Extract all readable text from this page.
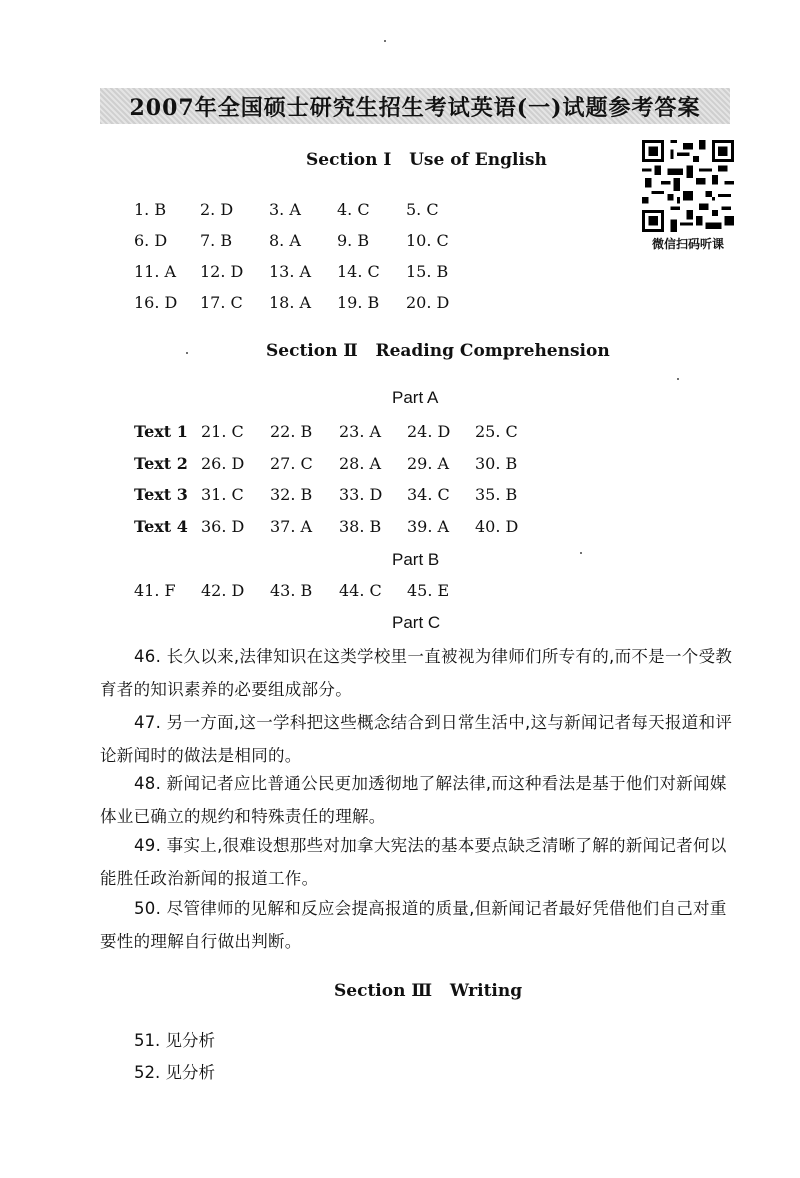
2007年全国硕士研究生招生考试英语(一)试题参考答案
微信扫码听课
Section Ⅰ   Use of English
1. B 2. D 3. A 4. C 5. C
6. D 7. B 8. A 9. B 10. C
11. A 12. D 13. A 14. C 15. B
16. D 17. C 18. A 19. B 20. D
Section Ⅱ   Reading Comprehension
Part A
Text 1 21. C 22. B 23. A 24. D 25. C
Text 2 26. D 27. C 28. A 29. A 30. B
Text 3 31. C 32. B 33. D 34. C 35. B
Text 4 36. D 37. A 38. B 39. A 40. D
Part B
41. F 42. D 43. B 44. C 45. E
Part C
46. 长久以来,法律知识在这类学校里一直被视为律师们所专有的,而不是一个受教育者的知识素养的必要组成部分。
47. 另一方面,这一学科把这些概念结合到日常生活中,这与新闻记者每天报道和评论新闻时的做法是相同的。
48. 新闻记者应比普通公民更加透彻地了解法律,而这种看法是基于他们对新闻媒体业已确立的规约和特殊责任的理解。
49. 事实上,很难设想那些对加拿大宪法的基本要点缺乏清晰了解的新闻记者何以能胜任政治新闻的报道工作。
50. 尽管律师的见解和反应会提高报道的质量,但新闻记者最好凭借他们自己对重要性的理解自行做出判断。
Section Ⅲ   Writing
51. 见分析
52. 见分析
